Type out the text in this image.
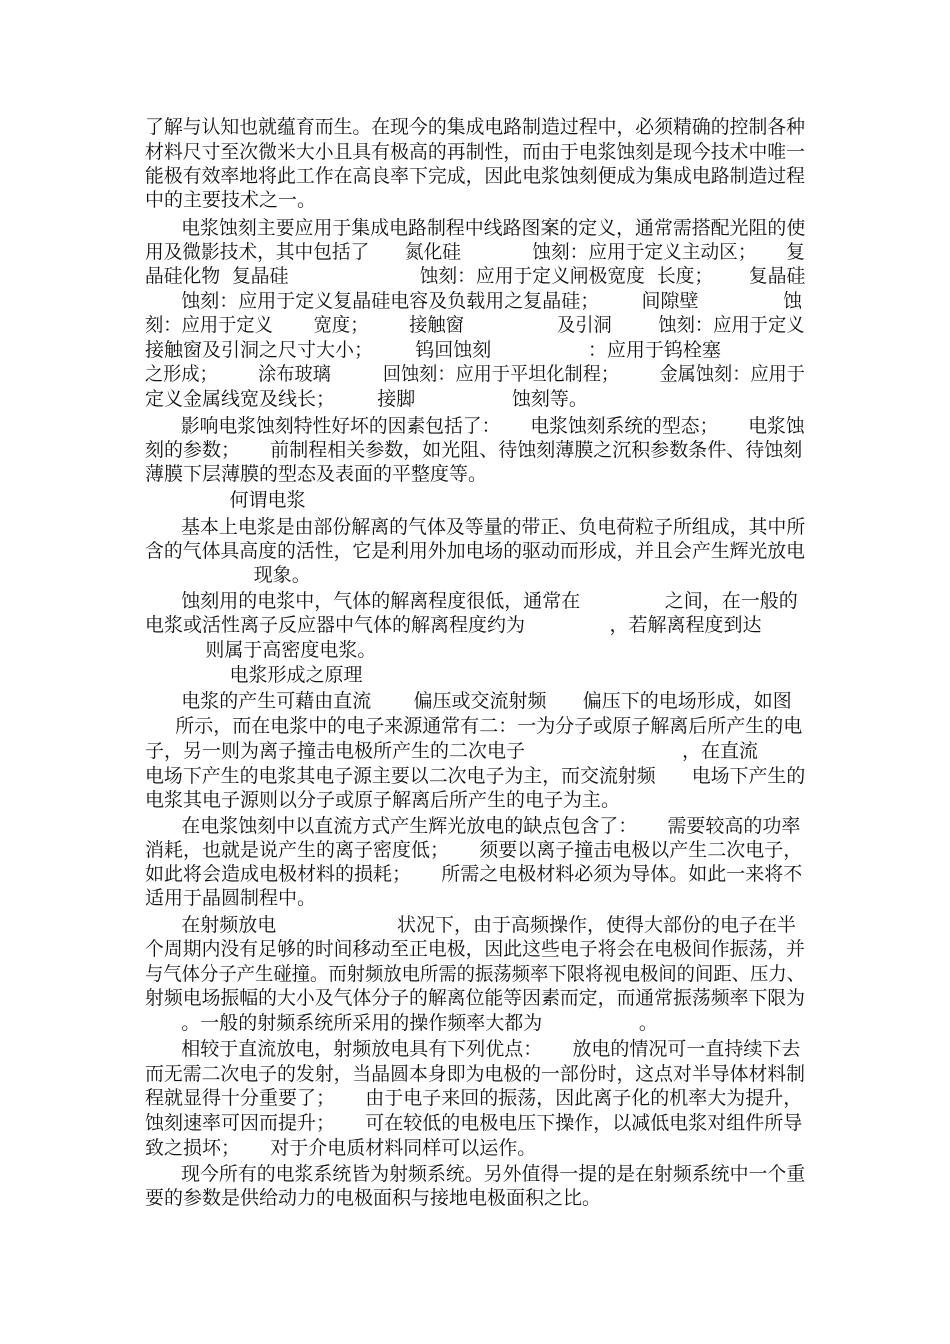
了解与认知也就蕴育而生。在现今的集成电路制造过程中，必须精确的控制各种
材料尺寸至次微米大小且具有极高的再制性，而由于电浆蚀刻是现今技术中唯一
能极有效率地将此工作在高良率下完成，因此电浆蚀刻便成为集成电路制造过程
中的主要技术之一。
电浆蚀刻主要应用于集成电路制程中线路图案的定义，通常需搭配光阻的使
用及微影技术，其中包括了      氮化硅            蚀刻：应用于定义主动区；     复
晶硅化物  复晶硅                      蚀刻：应用于定义闸极宽度  长度；      复晶硅
蚀刻：应用于定义复晶硅电容及负载用之复晶硅；       间隙壁              蚀
刻：应用于定义       宽度；       接触窗                及引洞        蚀刻：应用于定义
接触窗及引洞之尺寸大小；       钨回蚀刻                ：应用于钨栓塞
之形成；       涂布玻璃         回蚀刻：应用于平坦化制程；       金属蚀刻：应用于
定义金属线宽及线长；       接脚                蚀刻等。
影响电浆蚀刻特性好坏的因素包括了：     电浆蚀刻系统的型态；     电浆蚀
刻的参数；     前制程相关参数，如光阻、待蚀刻薄膜之沉积参数条件、待蚀刻
薄膜下层薄膜的型态及表面的平整度等。
何谓电浆
基本上电浆是由部份解离的气体及等量的带正、负电荷粒子所组成，其中所
含的气体具高度的活性，它是利用外加电场的驱动而形成，并且会产生辉光放电
现象。
蚀刻用的电浆中，气体的解离程度很低，通常在              之间，在一般的
电浆或活性离子反应器中气体的解离程度约为              ，若解离程度到达
则属于高密度电浆。
电浆形成之原理
电浆的产生可藉由直流       偏压或交流射频      偏压下的电场形成，如图
所示，而在电浆中的电子来源通常有二：一为分子或原子解离后所产生的电
子，另一则为离子撞击电极所产生的二次电子                          ，在直流
电场下产生的电浆其电子源主要以二次电子为主，而交流射频      电场下产生的
电浆其电子源则以分子或原子解离后所产生的电子为主。
在电浆蚀刻中以直流方式产生辉光放电的缺点包含了：     需要较高的功率
消耗，也就是说产生的离子密度低；     须要以离子撞击电极以产生二次电子，
如此将会造成电极材料的损耗；     所需之电极材料必须为导体。如此一来将不
适用于晶圆制程中。
在射频放电                    状况下，由于高频操作，使得大部份的电子在半
个周期内没有足够的时间移动至正电极，因此这些电子将会在电极间作振荡，并
与气体分子产生碰撞。而射频放电所需的振荡频率下限将视电极间的间距、压力、
射频电场振幅的大小及气体分子的解离位能等因素而定，而通常振荡频率下限为
。一般的射频系统所采用的操作频率大都为                。
相较于直流放电，射频放电具有下列优点：     放电的情况可一直持续下去
而无需二次电子的发射，当晶圆本身即为电极的一部份时，这点对半导体材料制
程就显得十分重要了；     由于电子来回的振荡，因此离子化的机率大为提升，
蚀刻速率可因而提升；     可在较低的电极电压下操作，以减低电浆对组件所导
致之损坏；     对于介电质材料同样可以运作。
现今所有的电浆系统皆为射频系统。另外值得一提的是在射频系统中一个重
要的参数是供给动力的电极面积与接地电极面积之比。
